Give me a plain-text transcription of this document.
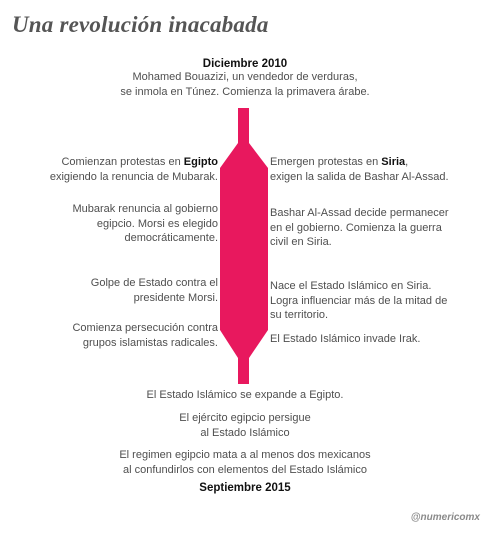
Una revolución inacabada
Diciembre 2010
Mohamed Bouazizi, un vendedor de verduras,
se inmola en Túnez. Comienza la primavera árabe.
Comienzan protestas en Egipto
exigiendo la renuncia de Mubarak.
Mubarak renuncia al gobierno
egipcio. Morsi es elegido
democráticamente.
Golpe de Estado contra el
presidente Morsi.
Comienza persecución contra
grupos islamistas radicales.
Emergen protestas en Siria,
exigen la salida de Bashar Al-Assad.
Bashar Al-Assad decide permanecer
en el gobierno. Comienza la guerra
civil en Siria.
Nace el Estado Islámico en Siria.
Logra influenciar más de la mitad de
su territorio.
El Estado Islámico invade Irak.
El Estado Islámico se expande a Egipto.
El ejército egipcio persigue
al Estado Islámico
El regimen egipcio mata a al menos dos mexicanos
al confundirlos con elementos del Estado Islámico
Septiembre 2015
@numericomx
